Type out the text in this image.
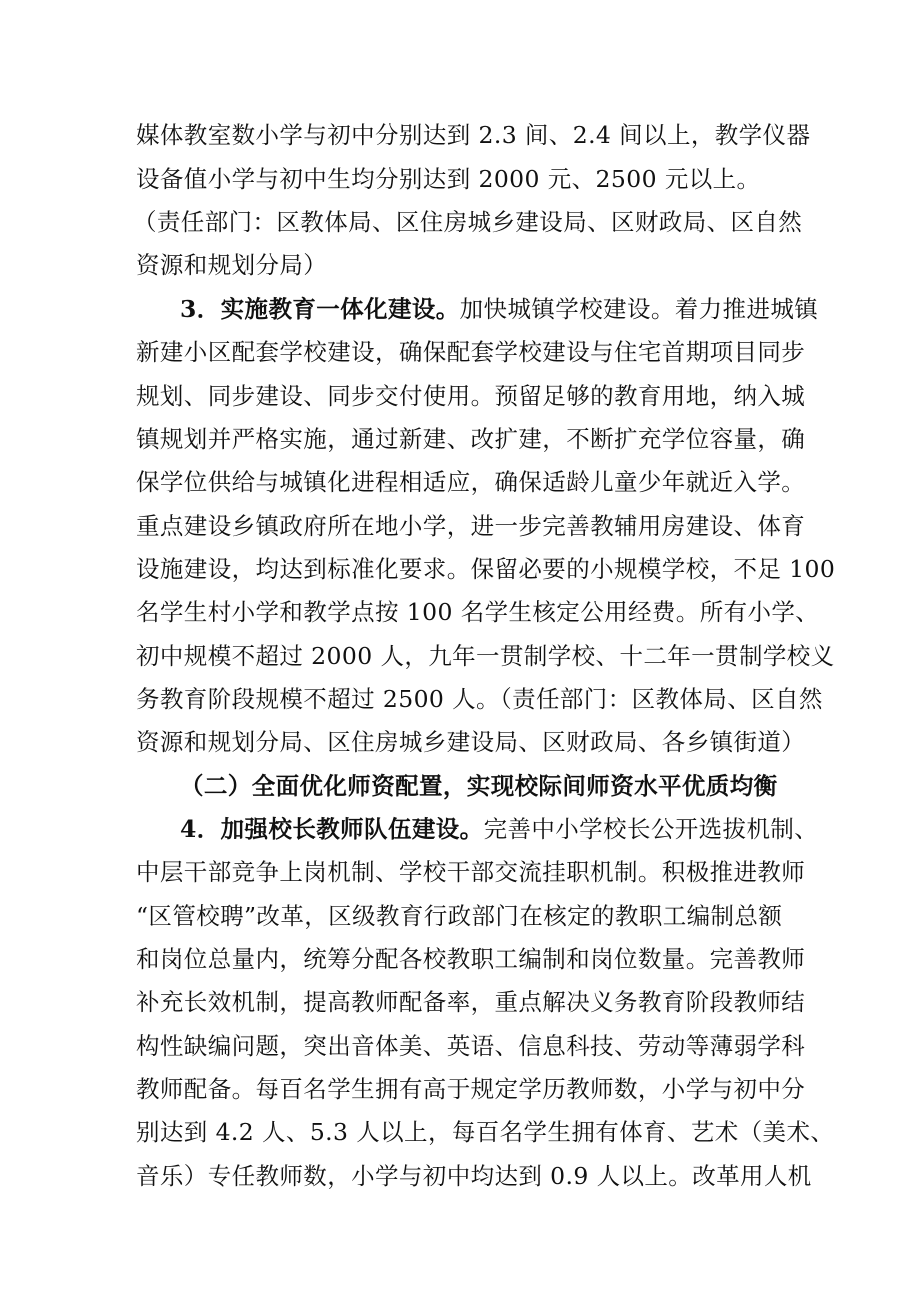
媒体教室数小学与初中分别达到 2.3 间、2.4 间以上，教学仪器
设备值小学与初中生均分别达到 2000 元、2500 元以上。
（责任部门：区教体局、区住房城乡建设局、区财政局、区自然
资源和规划分局）
3．实施教育一体化建设。加快城镇学校建设。着力推进城镇
新建小区配套学校建设，确保配套学校建设与住宅首期项目同步
规划、同步建设、同步交付使用。预留足够的教育用地，纳入城
镇规划并严格实施，通过新建、改扩建，不断扩充学位容量，确
保学位供给与城镇化进程相适应，确保适龄儿童少年就近入学。
重点建设乡镇政府所在地小学，进一步完善教辅用房建设、体育
设施建设，均达到标准化要求。保留必要的小规模学校，不足 100
名学生村小学和教学点按 100 名学生核定公用经费。所有小学、
初中规模不超过 2000 人，九年一贯制学校、十二年一贯制学校义
务教育阶段规模不超过 2500 人。（责任部门：区教体局、区自然
资源和规划分局、区住房城乡建设局、区财政局、各乡镇街道）
（二）全面优化师资配置，实现校际间师资水平优质均衡
4．加强校长教师队伍建设。完善中小学校长公开选拔机制、
中层干部竞争上岗机制、学校干部交流挂职机制。积极推进教师
“区管校聘”改革，区级教育行政部门在核定的教职工编制总额
和岗位总量内，统筹分配各校教职工编制和岗位数量。完善教师
补充长效机制，提高教师配备率，重点解决义务教育阶段教师结
构性缺编问题，突出音体美、英语、信息科技、劳动等薄弱学科
教师配备。每百名学生拥有高于规定学历教师数，小学与初中分
别达到 4.2 人、5.3 人以上，每百名学生拥有体育、艺术（美术、
音乐）专任教师数，小学与初中均达到 0.9 人以上。改革用人机
